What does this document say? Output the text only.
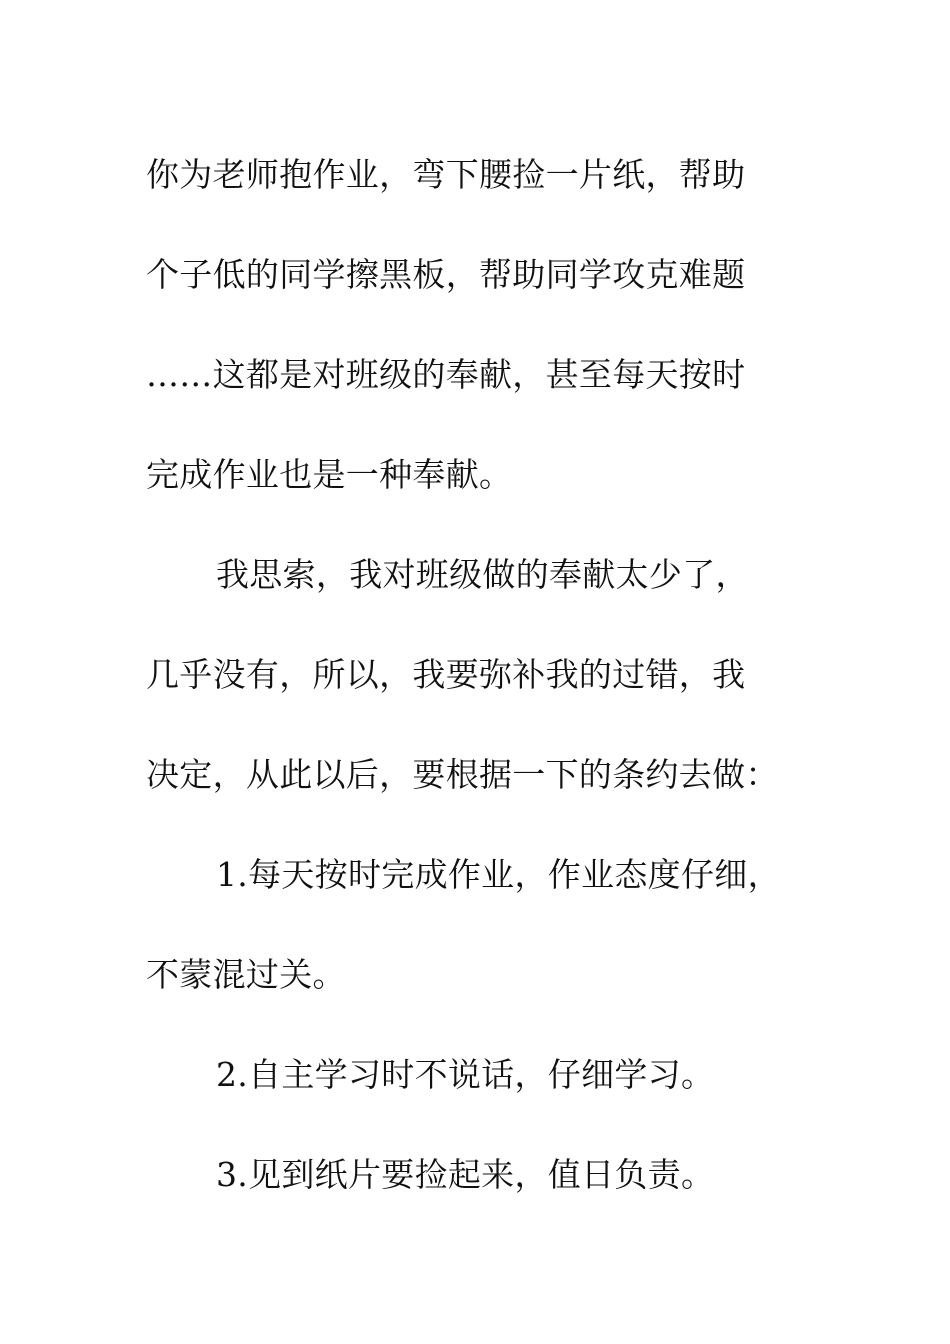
你为老师抱作业，弯下腰捡一片纸，帮助
个子低的同学擦黑板，帮助同学攻克难题
……这都是对班级的奉献，甚至每天按时
完成作业也是一种奉献。
我思索，我对班级做的奉献太少了，
几乎没有，所以，我要弥补我的过错，我
决定，从此以后，要根据一下的条约去做：
1.每天按时完成作业，作业态度仔细，
不蒙混过关。
2.自主学习时不说话，仔细学习。
3.见到纸片要捡起来，值日负责。
